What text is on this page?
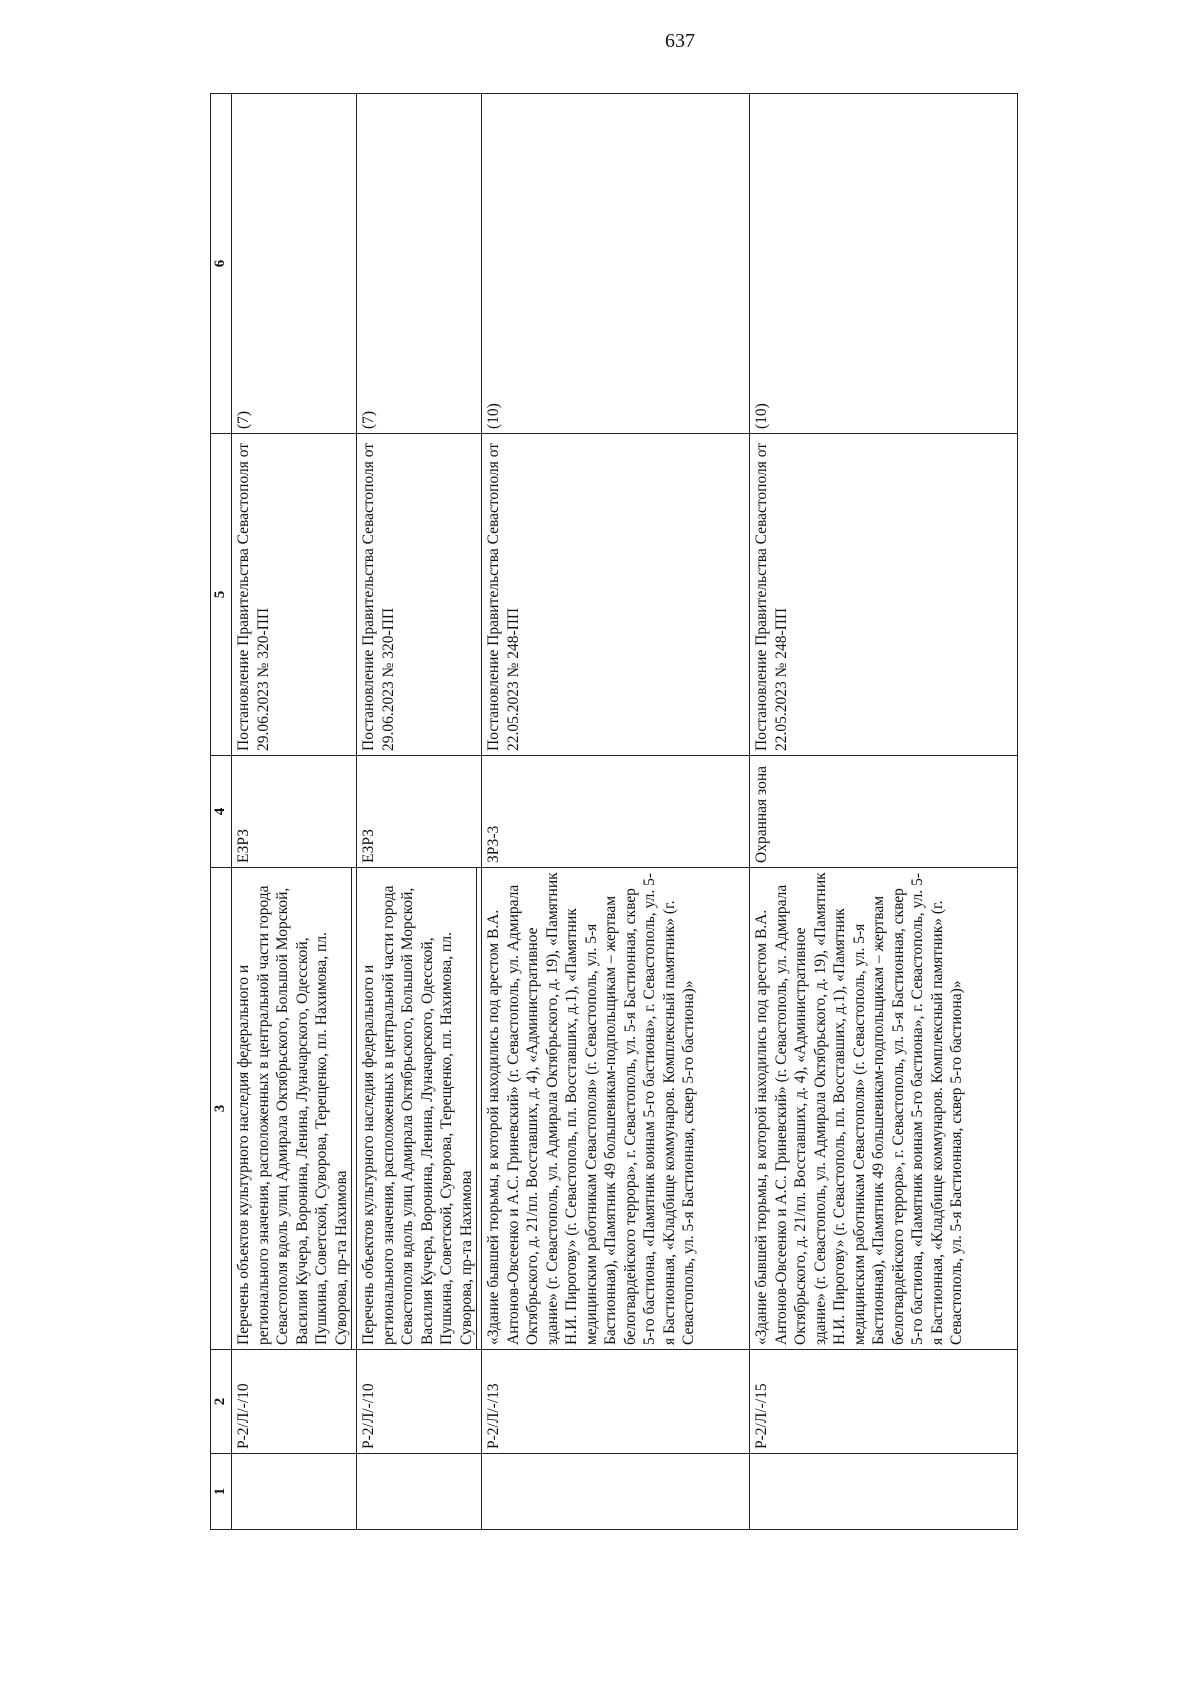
637
1	2	3	4	5	6
	Р-2/Л/-/10	Перечень объектов культурного наследия федерального и регионального значения, расположенных в центральной части города Севастополя вдоль улиц Адмирала Октябрьского, Большой Морской, Василия Кучера, Воронина, Ленина, Луначарского, Одесской, Пушкина, Советской, Суворова, Терещенко, пл. Нахимова, пл. Суворова, пр-та Нахимова	ЕЗРЗ	Постановление Правительства Севастополя от 29.06.2023 № 320-ПП	(7)
	Р-2/Л/-/10	Перечень объектов культурного наследия федерального и регионального значения, расположенных в центральной части города Севастополя вдоль улиц Адмирала Октябрьского, Большой Морской, Василия Кучера, Воронина, Ленина, Луначарского, Одесской, Пушкина, Советской, Суворова, Терещенко, пл. Нахимова, пл. Суворова, пр-та Нахимова	ЕЗРЗ	Постановление Правительства Севастополя от 29.06.2023 № 320-ПП	(7)
	Р-2/Л/-/13	«Здание бывшей тюрьмы, в которой находились под арестом В.А. Антонов-Овсеенко и А.С. Гриневский» (г. Севастополь, ул. Адмирала Октябрьского, д. 21/пл. Восставших, д. 4), «Административное здание» (г. Севастополь, ул. Адмирала Октябрьского, д. 19), «Памятник Н.И. Пирогову» (г. Севастополь, пл. Восставших, д.1), «Памятник медицинским работникам Севастополя» (г. Севастополь, ул. 5-я Бастионная), «Памятник 49 большевикам-подпольщикам – жертвам белогвардейского террора», г. Севастополь, ул. 5-я Бастионная, сквер 5-го бастиона, «Памятник воинам 5-го бастиона», г. Севастополь, ул. 5-я Бастионная, «Кладбище коммунаров. Комплексный памятник» (г. Севастополь, ул. 5-я Бастионная, сквер 5-го бастиона)»	ЗРЗ-3	Постановление Правительства Севастополя от 22.05.2023 № 248-ПП	(10)
	Р-2/Л/-/15	«Здание бывшей тюрьмы, в которой находились под арестом В.А. Антонов-Овсеенко и А.С. Гриневский» (г. Севастополь, ул. Адмирала Октябрьского, д. 21/пл. Восставших, д. 4), «Административное здание» (г. Севастополь, ул. Адмирала Октябрьского, д. 19), «Памятник Н.И. Пирогову» (г. Севастополь, пл. Восставших, д.1), «Памятник медицинским работникам Севастополя» (г. Севастополь, ул. 5-я Бастионная), «Памятник 49 большевикам-подпольщикам – жертвам белогвардейского террора», г. Севастополь, ул. 5-я Бастионная, сквер 5-го бастиона, «Памятник воинам 5-го бастиона», г. Севастополь, ул. 5-я Бастионная, «Кладбище коммунаров. Комплексный памятник» (г. Севастополь, ул. 5-я Бастионная, сквер 5-го бастиона)»	Охранная зона	Постановление Правительства Севастополя от 22.05.2023 № 248-ПП	(10)
